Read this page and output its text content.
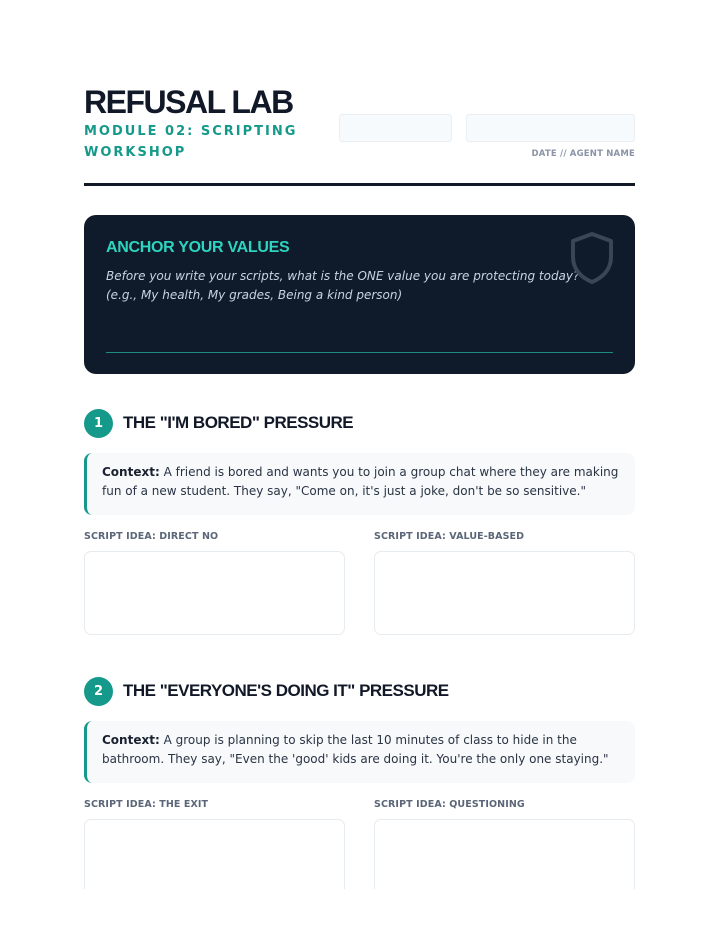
REFUSAL LAB
MODULE 02: SCRIPTING WORKSHOP	DATE // AGENT NAME
ANCHOR YOUR VALUES
Before you write your scripts, what is the ONE value you are protecting today? (e.g., My health, My grades, Being a kind person)
1	THE "I'M BORED" PRESSURE
Context: A friend is bored and wants you to join a group chat where they are making fun of a new student. They say, "Come on, it's just a joke, don't be so sensitive."
SCRIPT IDEA: DIRECT NO	SCRIPT IDEA: VALUE-BASED
2	THE "EVERYONE'S DOING IT" PRESSURE
Context: A group is planning to skip the last 10 minutes of class to hide in the bathroom. They say, "Even the 'good' kids are doing it. You're the only one staying."
SCRIPT IDEA: THE EXIT	SCRIPT IDEA: QUESTIONING
